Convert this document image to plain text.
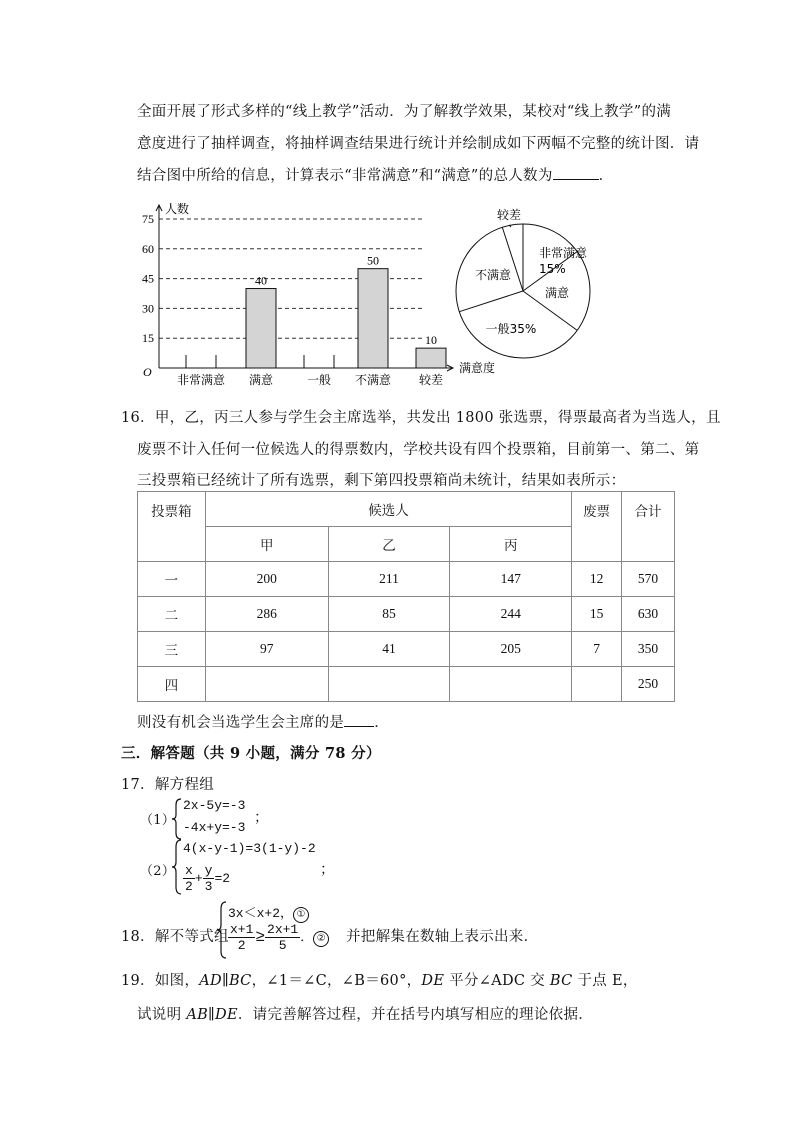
全面开展了形式多样的“线上教学”活动．为了解教学效果，某校对“线上教学”的满
意度进行了抽样调查，将抽样调查结果进行统计并绘制成如下两幅不完整的统计图．请
结合图中所给的信息，计算表示“非常满意”和“满意”的总人数为	．
15
30
45
60
75
人数
O	满意度
非常满意 满意
40
一般 不满意
50
较差
10
较差
非常满意
15%
满意
一般35%
不满意
16．甲，乙，丙三人参与学生会主席选举，共发出 1800 张选票，得票最高者为当选人，且
废票不计入任何一位候选人的得票数内，学校共设有四个投票箱，目前第一、第二、第
三投票箱已经统计了所有选票，剩下第四投票箱尚未统计，结果如表所示：
投票箱	候选人			废票	合计
	甲	乙	丙		
一	200	211	147	12	570
二	286	85	244	15	630
三	97	41	205	7	350
四					250
则没有机会当选学生会主席的是 ．
三．解答题（共 9 小题，满分 78 分）
17．解方程组
（1）
2x-5y=-3
-4x+y=-3
；
（2）
4(x-y-1)=3(1-y)-2
$\frac{x}{2} + \frac{y}{3} =2$
；
18．解不等式组
3x＜x+2， ①
$\frac{x+1}{2} \ge \frac{2x+1}{5}$ ． ② 并把解集在数轴上表示出来．
19．如图，AD∥BC，∠1＝∠C，∠B＝60°，DE 平分∠ADC 交 BC 于点 E，
试说明 AB∥DE．请完善解答过程，并在括号内填写相应的理论依据．
